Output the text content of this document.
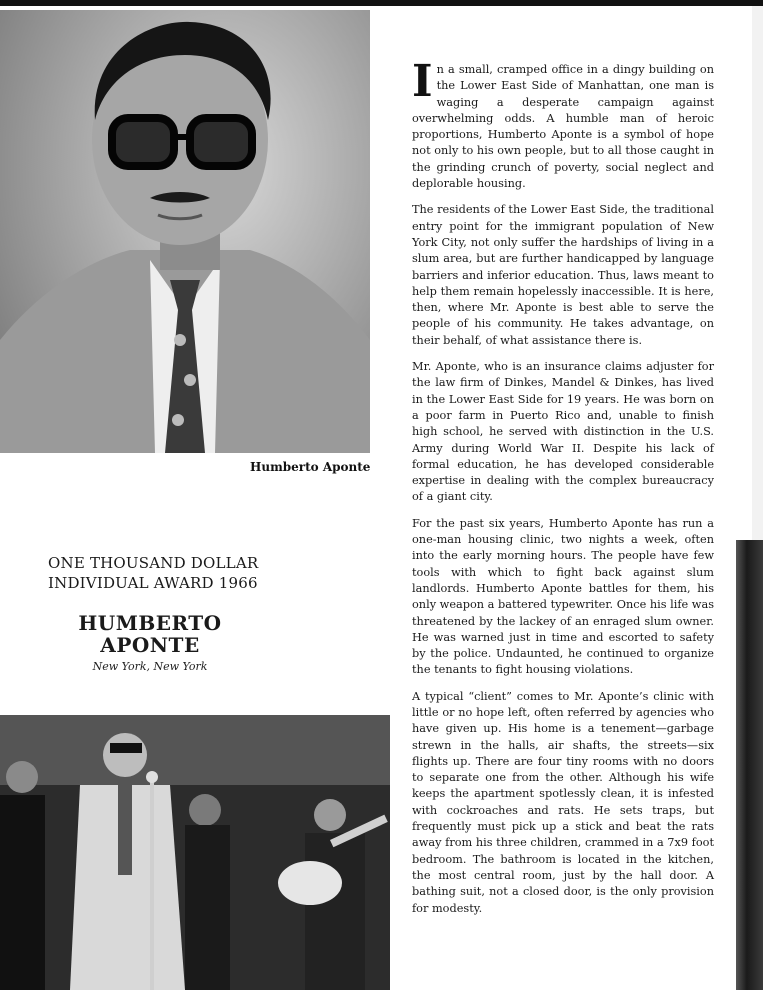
Humberto Aponte
ONE THOUSAND DOLLAR
INDIVIDUAL AWARD 1966
HUMBERTO
APONTE
New York, New York

In a small, cramped office in a dingy building on the Lower East Side of Manhattan, one man is waging a desperate campaign against overwhelming odds. A humble man of heroic proportions, Humberto Aponte is a symbol of hope not only to his own people, but to all those caught in the grinding crunch of poverty, social neglect and deplorable housing.

The residents of the Lower East Side, the traditional entry point for the immigrant population of New York City, not only suffer the hardships of living in a slum area, but are further handicapped by language barriers and inferior education. Thus, laws meant to help them remain hopelessly inaccessible. It is here, then, where Mr. Aponte is best able to serve the people of his community. He takes advantage, on their behalf, of what assistance there is.

Mr. Aponte, who is an insurance claims adjuster for the law firm of Dinkes, Mandel & Dinkes, has lived in the Lower East Side for 19 years. He was born on a poor farm in Puerto Rico and, unable to finish high school, he served with distinction in the U.S. Army during World War II. Despite his lack of formal education, he has developed considerable expertise in dealing with the complex bureaucracy of a giant city.

For the past six years, Humberto Aponte has run a one-man housing clinic, two nights a week, often into the early morning hours. The people have few tools with which to fight back against slum landlords. Humberto Aponte battles for them, his only weapon a battered typewriter. Once his life was threatened by the lackey of an enraged slum owner. He was warned just in time and escorted to safety by the police. Undaunted, he continued to organize the tenants to fight housing violations.

A typical “client” comes to Mr. Aponte’s clinic with little or no hope left, often referred by agencies who have given up. His home is a tenement—garbage strewn in the halls, air shafts, the streets—six flights up. There are four tiny rooms with no doors to separate one from the other. Although his wife keeps the apartment spotlessly clean, it is infested with cockroaches and rats. He sets traps, but frequently must pick up a stick and beat the rats away from his three children, crammed in a 7x9 foot bedroom. The bathroom is located in the kitchen, the most central room, just by the hall door. A bathing suit, not a closed door, is the only provision for modesty.
